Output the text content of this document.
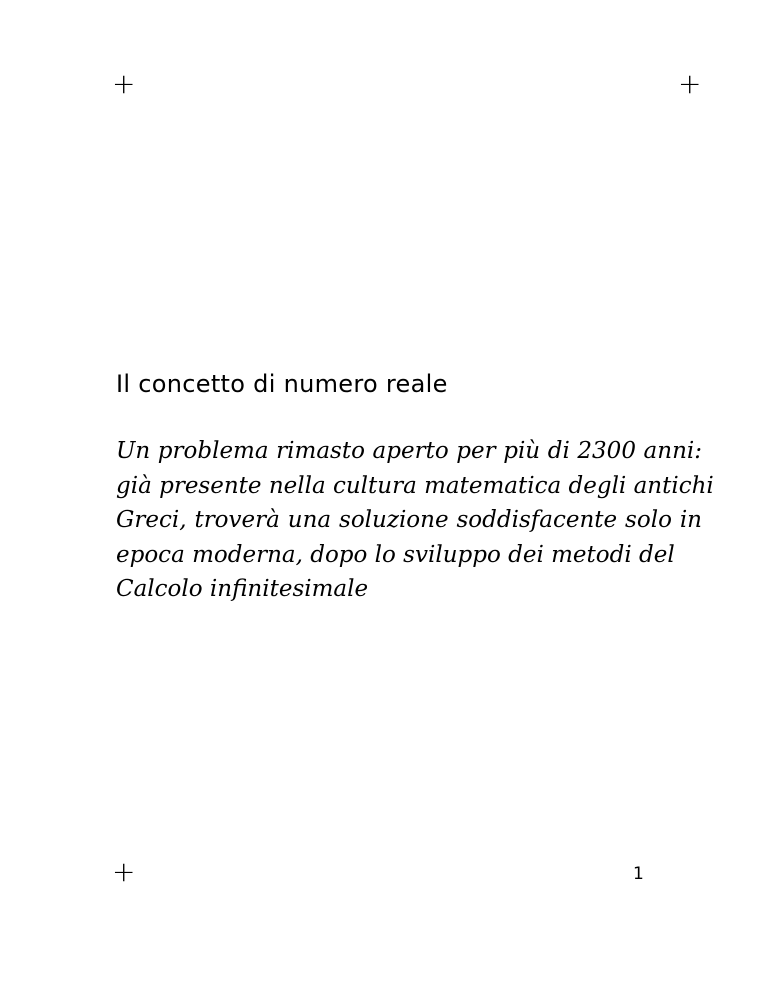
+	+
+
Il concetto di numero reale
Un problema rimasto aperto per più di 2300 anni:
già presente nella cultura matematica degli antichi
Greci, troverà una soluzione soddisfacente solo in
epoca moderna, dopo lo sviluppo dei metodi del
Calcolo infinitesimale
1
